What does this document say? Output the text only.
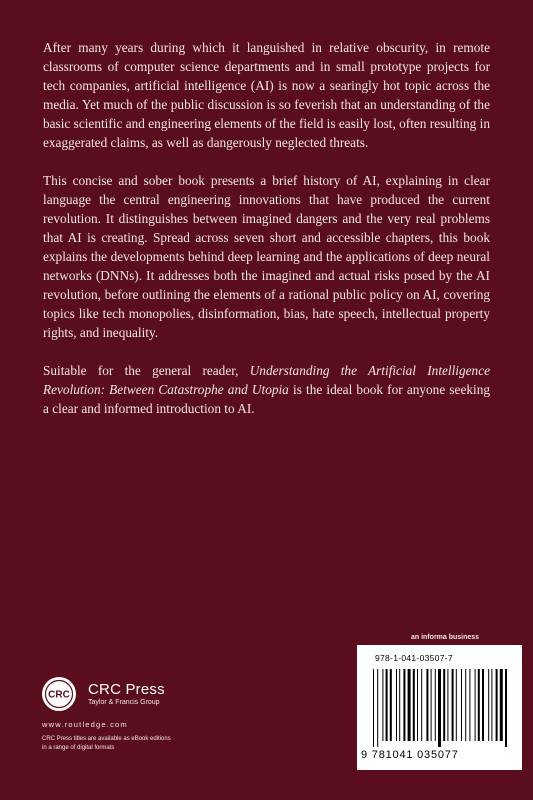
After many years during which it languished in relative obscurity, in remote classrooms of computer science departments and in small prototype projects for tech companies, artificial intelligence (AI) is now a searingly hot topic across the media. Yet much of the public discussion is so feverish that an understanding of the basic scientific and engineering elements of the field is easily lost, often resulting in exaggerated claims, as well as dangerously neglected threats.

This concise and sober book presents a brief history of AI, explaining in clear language the central engineering innovations that have produced the current revolution. It distinguishes between imagined dangers and the very real problems that AI is creating. Spread across seven short and accessible chapters, this book explains the developments behind deep learning and the applications of deep neural networks (DNNs). It addresses both the imagined and actual risks posed by the AI revolution, before outlining the elements of a rational public policy on AI, covering topics like tech monopolies, disinformation, bias, hate speech, intellectual property rights, and inequality.

Suitable for the general reader, Understanding the Artificial Intelligence Revolution: Between Catastrophe and Utopia is the ideal book for anyone seeking a clear and informed introduction to AI.

an informa business
978-1-041-03507-7
9 781041 035077
CRC CRC Press
Taylor & Francis Group
www.routledge.com
CRC Press titles are available as eBook editions
in a range of digital formats
